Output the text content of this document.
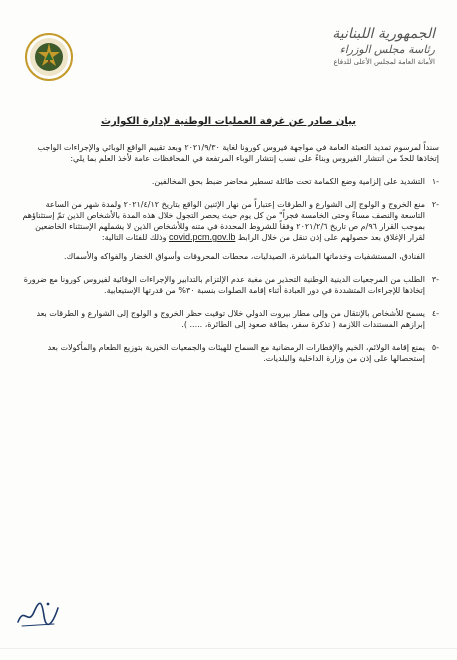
الجمهورية اللبنانية
رئاسة مجلس الوزراء
الأمانة العامة لمجلس الأعلى للدفاع
بيان صادر عن غرفة العمليات الوطنية لإدارة الكوارث

سنداً لمرسوم تمديد التعبئة العامة في مواجهة فيروس كورونا لغاية ٢٠٢١/٩/٣٠ وبعد تقييم الواقع الوبائي والإجراءات الواجب إتخاذها للحدّ من انتشار الفيروس وبناءً على نسب إنتشار الوباء المرتفعة في المحافظات عامة لأخذ العلم بما يلي:

-١
التشديد على إلزامية وضع الكمامة تحت طائلة تسطير محاضر ضبط بحق المخالفين.
-٢
منع الخروج و الولوج إلى الشوارع و الطرقات إعتباراً من نهار الإثنين الواقع بتاريخ ٢٠٢١/٤/١٢ ولمدة شهر من الساعة التاسعة والنصف مساءً وحتى الخامسة فجراً" من كل يوم حيث يحصر التجول خلال هذه المدة بالأشخاص الذين تمّ إستثناؤهم بموجب القرار ٩٦/م ص تاريخ ٢٠٢١/٢/٦ وفقاً للشروط المحددة في متنه وللأشخاص الذين لا يشملهم الإستثناء الخاضعين لقرار الإغلاق بعد حصولهم على إذن تنقل من خلال الرابط covid.pcm.gov.lb وذلك للفئات التالية:
الفنادق، المستشفيات وخدماتها المباشرة، الصيدليات، محطات المحروقات وأسواق الخضار والفواكه والأسماك.
-٣
الطلب من المرجعيات الدينية الوطنية التحذير من مغبة عدم الإلتزام بالتدابير والإجراءات الوقائية لفيروس كورونا مع ضرورة إتخاذها للإجراءات المتشددة في دور العبادة أثناء إقامة الصلوات بنسبة ٣٠% من قدرتها الإستيعابية.
-٤
يسمح للأشخاص بالإنتقال من وإلى مطار بيروت الدولي خلال توقيت حظر الخروج و الولوج إلى الشوارع و الطرقات بعد إبرازهم المستندات اللازمة ( تذكرة سفر، بطاقة صعود إلى الطائرة، ..... ).
-٥
يمنع إقامة الولائم، الخيم والإفطارات الرمضانية مع السماح للهيئات والجمعيات الخيرية بتوزيع الطعام والمأكولات بعد إستحصالها على إذن من وزارة الداخلية والبلديات.
